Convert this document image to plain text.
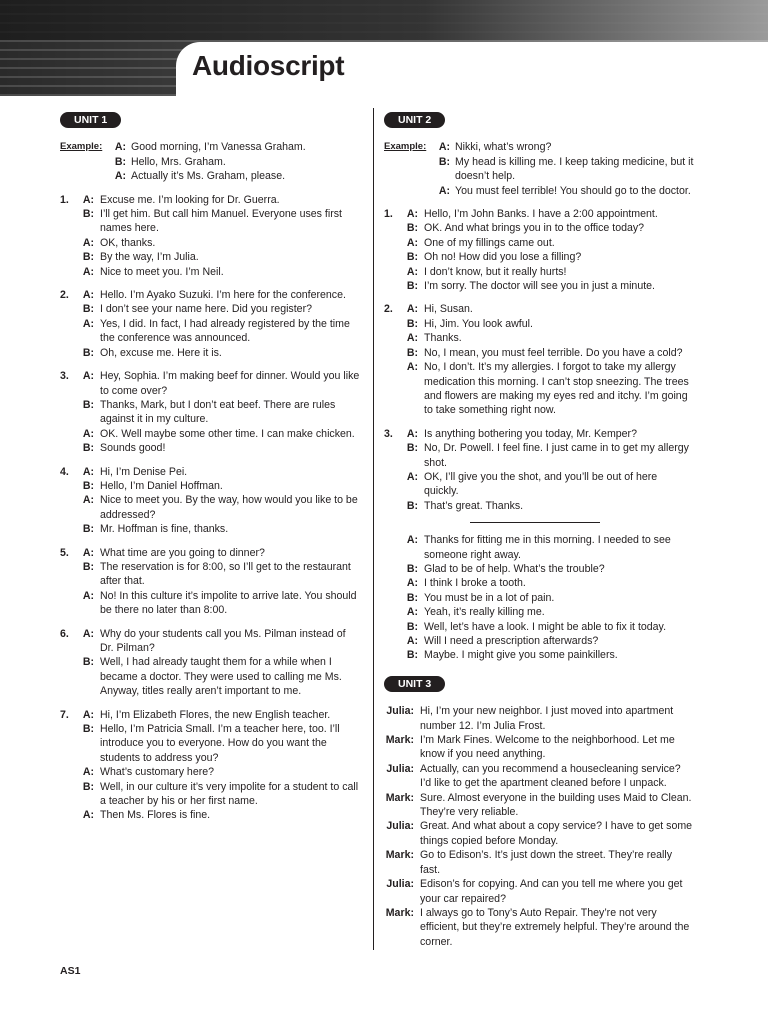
Audioscript
UNIT 1
Example:	A: Good morning, I’m Vanessa Graham.
B: Hello, Mrs. Graham.
A: Actually it’s Ms. Graham, please.
1.	A: Excuse me. I’m looking for Dr. Guerra.
B: I’ll get him. But call him Manuel. Everyone uses first names here.
A: OK, thanks.
B: By the way, I’m Julia.
A: Nice to meet you. I’m Neil.
2.	A: Hello. I’m Ayako Suzuki. I’m here for the conference.
B: I don’t see your name here. Did you register?
A: Yes, I did. In fact, I had already registered by the time the conference was announced.
B: Oh, excuse me. Here it is.
3.	A: Hey, Sophia. I’m making beef for dinner. Would you like to come over?
B: Thanks, Mark, but I don’t eat beef. There are rules against it in my culture.
A: OK. Well maybe some other time. I can make chicken.
B: Sounds good!
4.	A: Hi, I’m Denise Pei.
B: Hello, I’m Daniel Hoffman.
A: Nice to meet you. By the way, how would you like to be addressed?
B: Mr. Hoffman is fine, thanks.
5.	A: What time are you going to dinner?
B: The reservation is for 8:00, so I’ll get to the restaurant after that.
A: No! In this culture it’s impolite to arrive late. You should be there no later than 8:00.
6.	A: Why do your students call you Ms. Pilman instead of Dr. Pilman?
B: Well, I had already taught them for a while when I became a doctor. They were used to calling me Ms. Anyway, titles really aren’t important to me.
7.	A: Hi, I’m Elizabeth Flores, the new English teacher.
B: Hello, I’m Patricia Small. I’m a teacher here, too. I’ll introduce you to everyone. How do you want the students to address you?
A: What’s customary here?
B: Well, in our culture it’s very impolite for a student to call a teacher by his or her first name.
A: Then Ms. Flores is fine.
UNIT 2
Example:	A: Nikki, what’s wrong?
B: My head is killing me. I keep taking medicine, but it doesn’t help.
A: You must feel terrible! You should go to the doctor.
1.	A: Hello, I’m John Banks. I have a 2:00 appointment.
B: OK. And what brings you in to the office today?
A: One of my fillings came out.
B: Oh no! How did you lose a filling?
A: I don’t know, but it really hurts!
B: I’m sorry. The doctor will see you in just a minute.
2.	A: Hi, Susan.
B: Hi, Jim. You look awful.
A: Thanks.
B: No, I mean, you must feel terrible. Do you have a cold?
A: No, I don’t. It’s my allergies. I forgot to take my allergy medication this morning. I can’t stop sneezing. The trees and flowers are making my eyes red and itchy. I’m going to take something right now.
3.	A: Is anything bothering you today, Mr. Kemper?
B: No, Dr. Powell. I feel fine. I just came in to get my allergy shot.
A: OK, I’ll give you the shot, and you’ll be out of here quickly.
B: That’s great. Thanks.
A: Thanks for fitting me in this morning. I needed to see someone right away.
B: Glad to be of help. What’s the trouble?
A: I think I broke a tooth.
B: You must be in a lot of pain.
A: Yeah, it’s really killing me.
B: Well, let’s have a look. I might be able to fix it today.
A: Will I need a prescription afterwards?
B: Maybe. I might give you some painkillers.
UNIT 3
Julia: Hi, I’m your new neighbor. I just moved into apartment number 12. I’m Julia Frost.
Mark: I’m Mark Fines. Welcome to the neighborhood. Let me know if you need anything.
Julia: Actually, can you recommend a housecleaning service? I’d like to get the apartment cleaned before I unpack.
Mark: Sure. Almost everyone in the building uses Maid to Clean. They’re very reliable.
Julia: Great. And what about a copy service? I have to get some things copied before Monday.
Mark: Go to Edison’s. It’s just down the street. They’re really fast.
Julia: Edison’s for copying. And can you tell me where you get your car repaired?
Mark: I always go to Tony’s Auto Repair. They’re not very efficient, but they’re extremely helpful. They’re around the corner.
AS1
